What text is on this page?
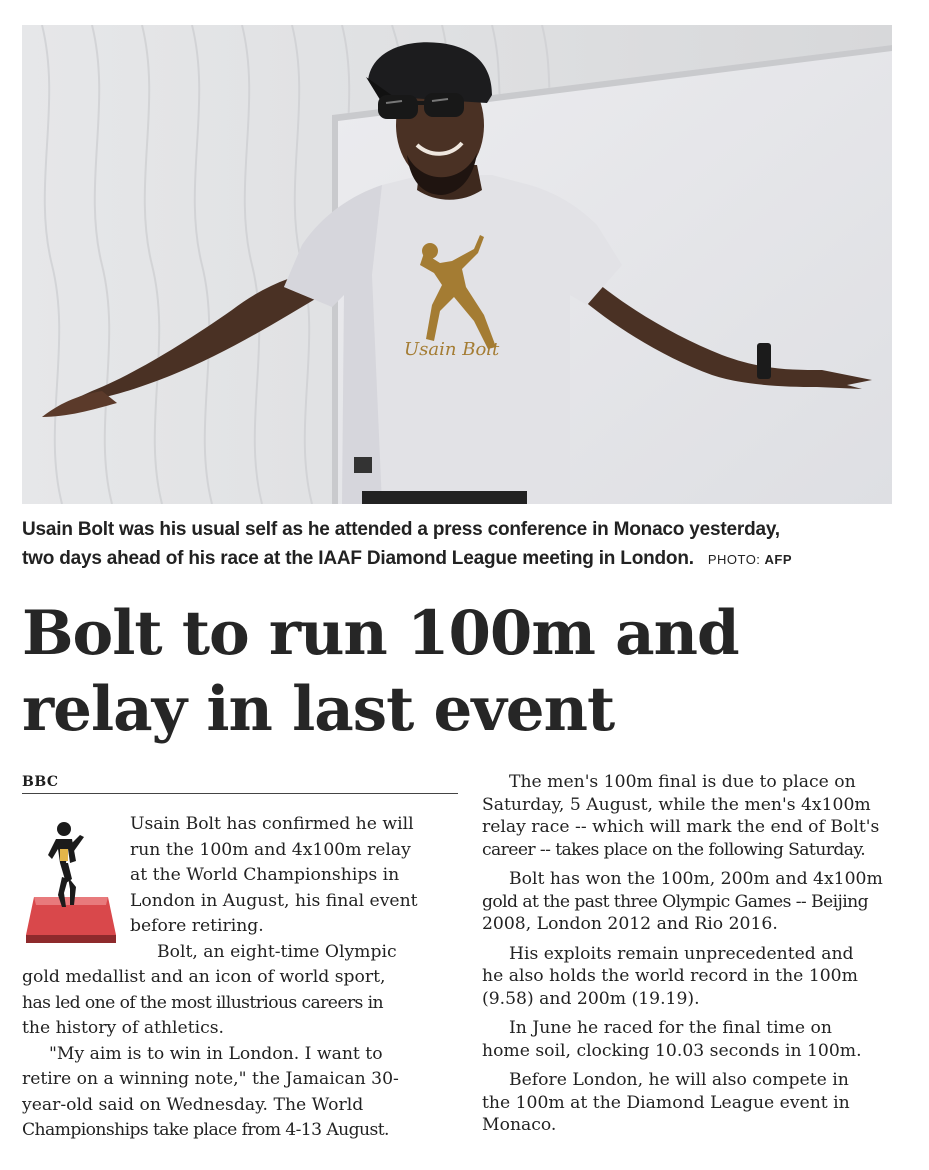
Usain Bolt
Usain Bolt was his usual self as he attended a press conference in Monaco yesterday,
two days ahead of his race at the IAAF Diamond League meeting in London. PHOTO: AFP
Bolt to run 100m and
relay in last event
BBC
Usain Bolt has confirmed he will
run the 100m and 4x100m relay
at the World Championships in
London in August, his final event
before retiring.
Bolt, an eight-time Olympic
gold medallist and an icon of world sport,
has led one of the most illustrious careers in
the history of athletics.
"My aim is to win in London. I want to
retire on a winning note," the Jamaican 30-
year-old said on Wednesday. The World
Championships take place from 4-13 August.
The men's 100m final is due to place on
Saturday, 5 August, while the men's 4x100m
relay race -- which will mark the end of Bolt's
career -- takes place on the following Saturday.
Bolt has won the 100m, 200m and 4x100m
gold at the past three Olympic Games -- Beijing
2008, London 2012 and Rio 2016.
His exploits remain unprecedented and
he also holds the world record in the 100m
(9.58) and 200m (19.19).
In June he raced for the final time on
home soil, clocking 10.03 seconds in 100m.
Before London, he will also compete in
the 100m at the Diamond League event in
Monaco.
